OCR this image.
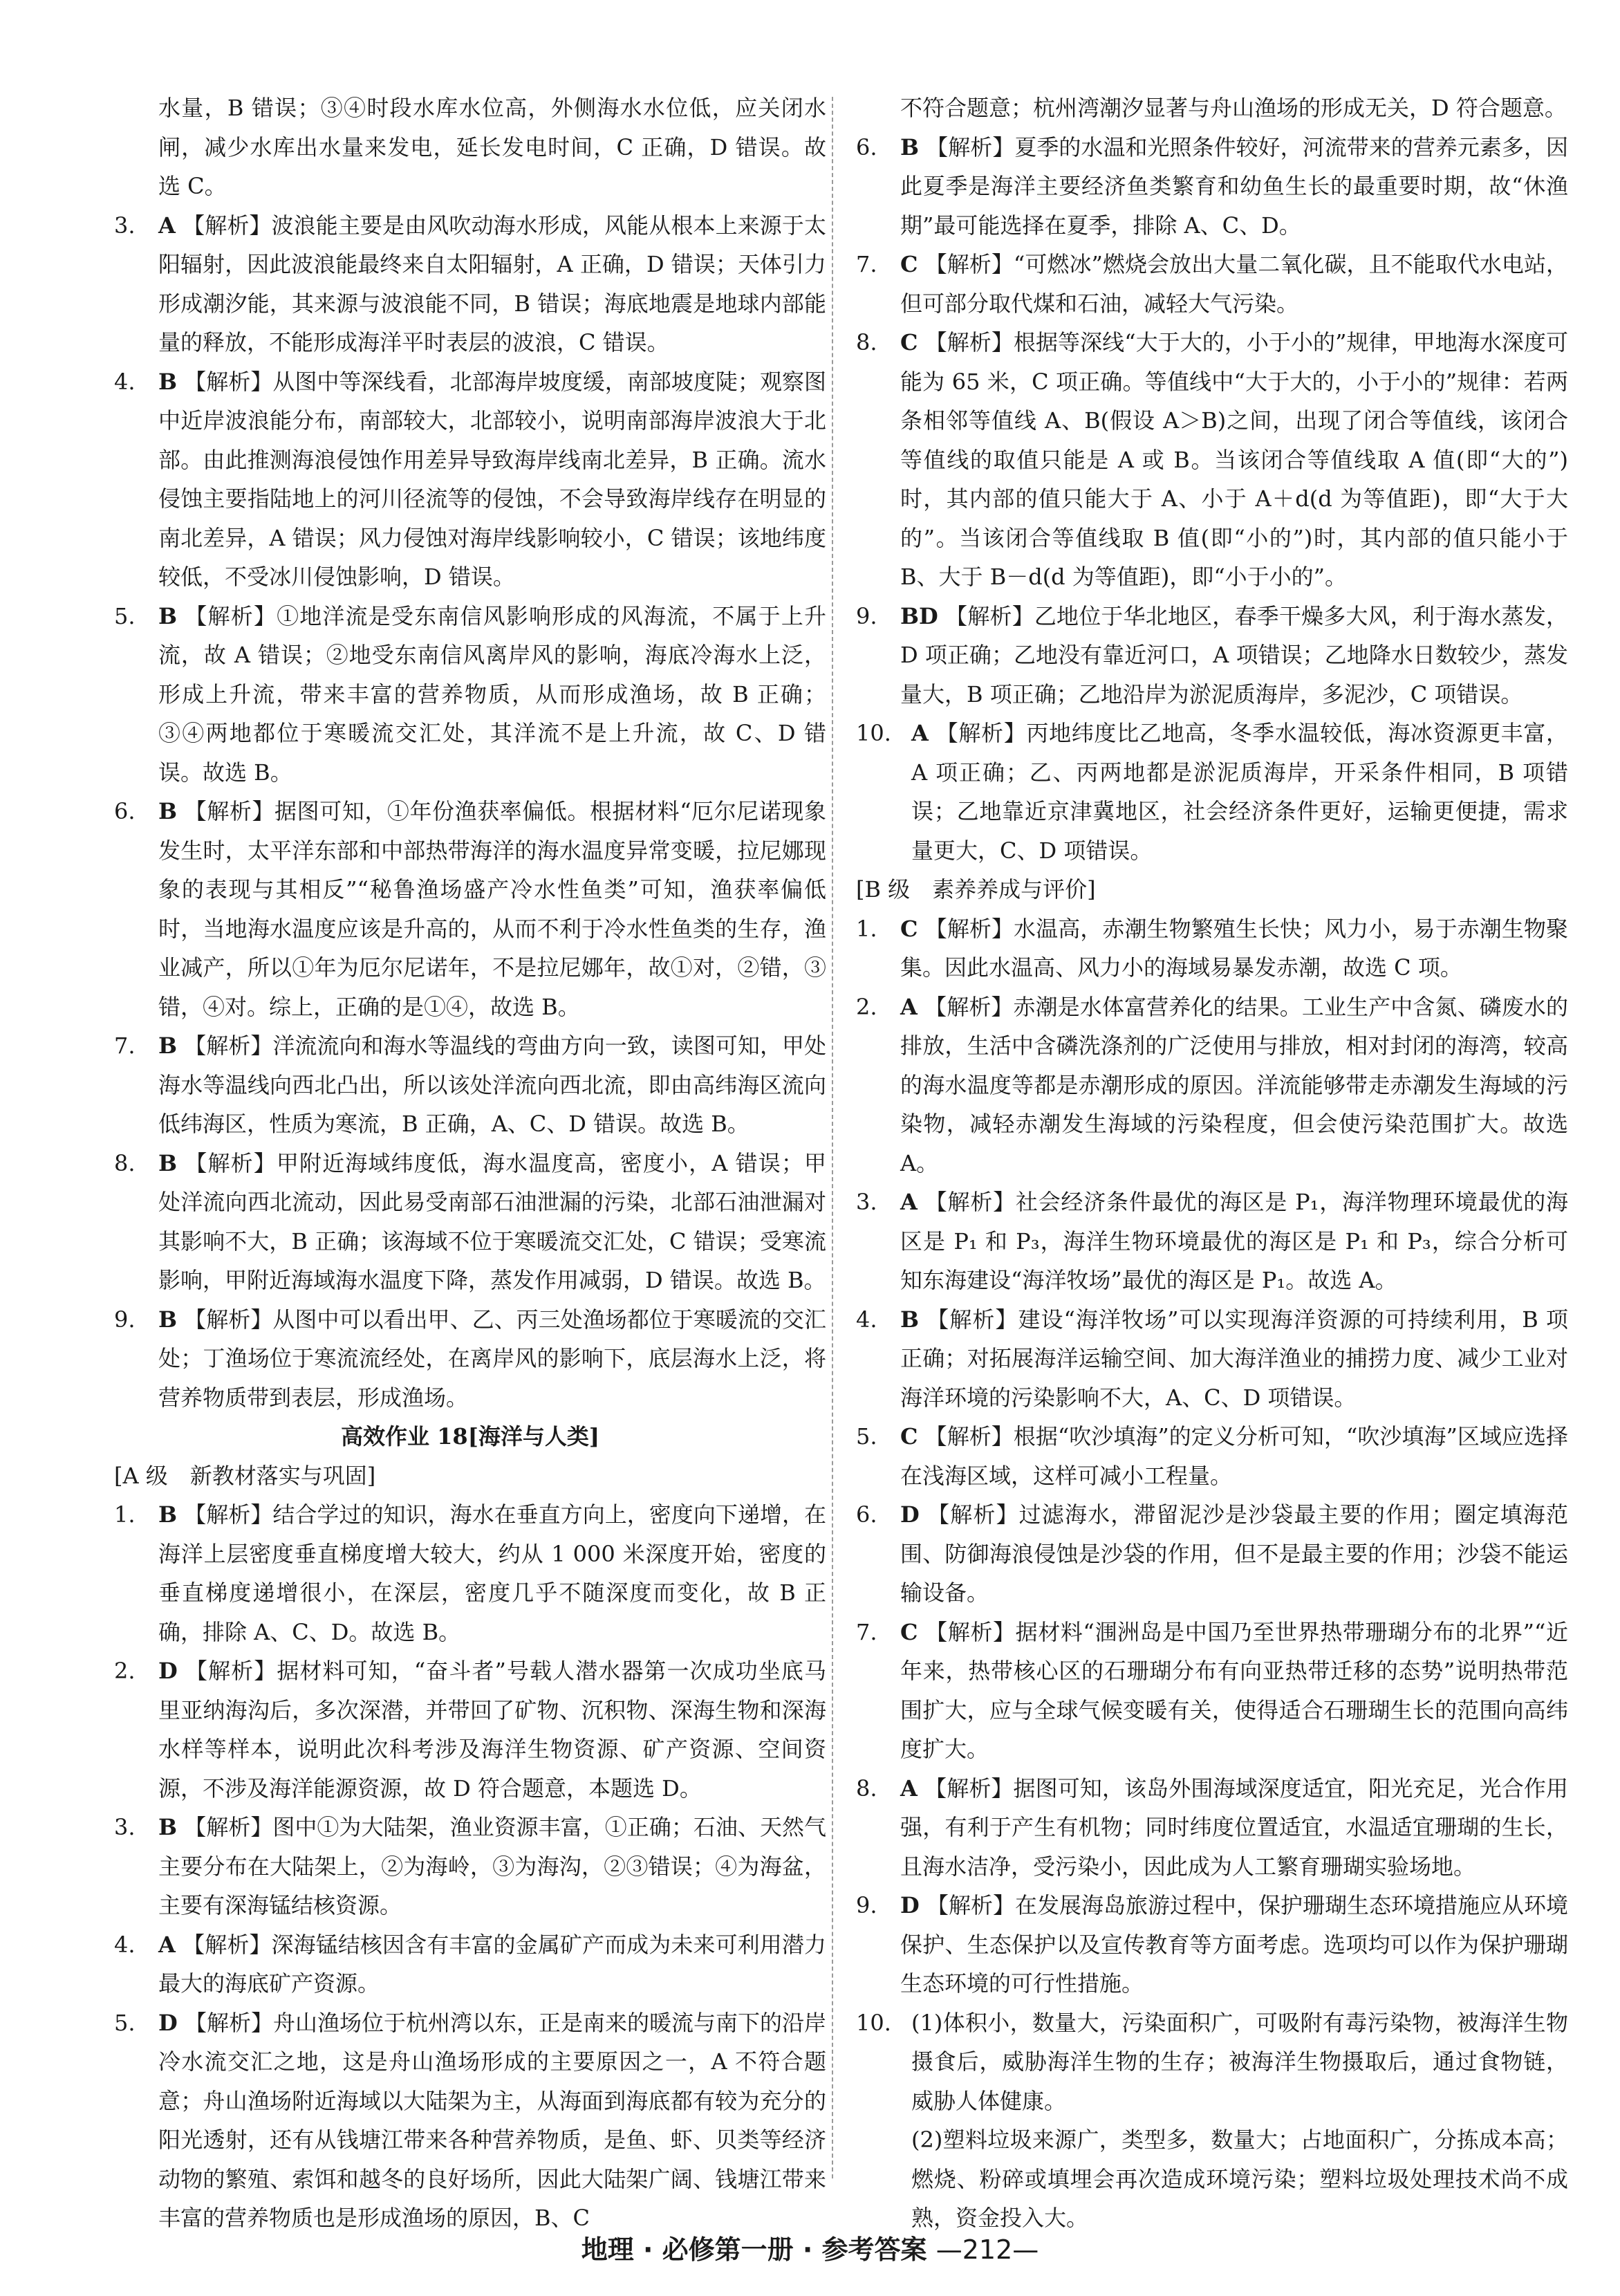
水量，B 错误；③④时段水库水位高，外侧海水水位低，应关闭水闸，减少水库出水量来发电，延长发电时间，C 正确，D 错误。故选 C。
3.	A 【解析】波浪能主要是由风吹动海水形成，风能从根本上来源于太阳辐射，因此波浪能最终来自太阳辐射，A 正确，D 错误；天体引力形成潮汐能，其来源与波浪能不同，B 错误；海底地震是地球内部能量的释放，不能形成海洋平时表层的波浪，C 错误。
4.	B 【解析】从图中等深线看，北部海岸坡度缓，南部坡度陡；观察图中近岸波浪能分布，南部较大，北部较小，说明南部海岸波浪大于北部。由此推测海浪侵蚀作用差异导致海岸线南北差异，B 正确。流水侵蚀主要指陆地上的河川径流等的侵蚀，不会导致海岸线存在明显的南北差异，A 错误；风力侵蚀对海岸线影响较小，C 错误；该地纬度较低，不受冰川侵蚀影响，D 错误。
5.	B 【解析】①地洋流是受东南信风影响形成的风海流，不属于上升流，故 A 错误；②地受东南信风离岸风的影响，海底冷海水上泛，形成上升流，带来丰富的营养物质，从而形成渔场，故 B 正确；③④两地都位于寒暖流交汇处，其洋流不是上升流，故 C、D 错误。故选 B。
6.	B 【解析】据图可知，①年份渔获率偏低。根据材料“厄尔尼诺现象发生时，太平洋东部和中部热带海洋的海水温度异常变暖，拉尼娜现象的表现与其相反”“秘鲁渔场盛产冷水性鱼类”可知，渔获率偏低时，当地海水温度应该是升高的，从而不利于冷水性鱼类的生存，渔业减产，所以①年为厄尔尼诺年，不是拉尼娜年，故①对，②错，③错，④对。综上，正确的是①④，故选 B。
7.	B 【解析】洋流流向和海水等温线的弯曲方向一致，读图可知，甲处海水等温线向西北凸出，所以该处洋流向西北流，即由高纬海区流向低纬海区，性质为寒流，B 正确，A、C、D 错误。故选 B。
8.	B 【解析】甲附近海域纬度低，海水温度高，密度小，A 错误；甲处洋流向西北流动，因此易受南部石油泄漏的污染，北部石油泄漏对其影响不大，B 正确；该海域不位于寒暖流交汇处，C 错误；受寒流影响，甲附近海域海水温度下降，蒸发作用减弱，D 错误。故选 B。
9.	B 【解析】从图中可以看出甲、乙、丙三处渔场都位于寒暖流的交汇处；丁渔场位于寒流流经处，在离岸风的影响下，底层海水上泛，将营养物质带到表层，形成渔场。
高效作业 18[海洋与人类]
[A 级　新教材落实与巩固]
1.	B 【解析】结合学过的知识，海水在垂直方向上，密度向下递增，在海洋上层密度垂直梯度增大较大，约从 1 000 米深度开始，密度的垂直梯度递增很小，在深层，密度几乎不随深度而变化，故 B 正确，排除 A、C、D。故选 B。
2.	D 【解析】据材料可知，“奋斗者”号载人潜水器第一次成功坐底马里亚纳海沟后，多次深潜，并带回了矿物、沉积物、深海生物和深海水样等样本，说明此次科考涉及海洋生物资源、矿产资源、空间资源，不涉及海洋能源资源，故 D 符合题意，本题选 D。
3.	B 【解析】图中①为大陆架，渔业资源丰富，①正确；石油、天然气主要分布在大陆架上，②为海岭，③为海沟，②③错误；④为海盆，主要有深海锰结核资源。
4.	A 【解析】深海锰结核因含有丰富的金属矿产而成为未来可利用潜力最大的海底矿产资源。
5.	D 【解析】舟山渔场位于杭州湾以东，正是南来的暖流与南下的沿岸冷水流交汇之地，这是舟山渔场形成的主要原因之一，A 不符合题意；舟山渔场附近海域以大陆架为主，从海面到海底都有较为充分的阳光透射，还有从钱塘江带来各种营养物质，是鱼、虾、贝类等经济动物的繁殖、索饵和越冬的良好场所，因此大陆架广阔、钱塘江带来丰富的营养物质也是形成渔场的原因，B、C
不符合题意；杭州湾潮汐显著与舟山渔场的形成无关，D 符合题意。
6.	B 【解析】夏季的水温和光照条件较好，河流带来的营养元素多，因此夏季是海洋主要经济鱼类繁育和幼鱼生长的最重要时期，故“休渔期”最可能选择在夏季，排除 A、C、D。
7.	C 【解析】“可燃冰”燃烧会放出大量二氧化碳，且不能取代水电站，但可部分取代煤和石油，减轻大气污染。
8.	C 【解析】根据等深线“大于大的，小于小的”规律，甲地海水深度可能为 65 米，C 项正确。等值线中“大于大的，小于小的”规律：若两条相邻等值线 A、B(假设 A＞B)之间，出现了闭合等值线，该闭合等值线的取值只能是 A 或 B。当该闭合等值线取 A 值(即“大的”)时，其内部的值只能大于 A、小于 A＋d(d 为等值距)，即“大于大的”。当该闭合等值线取 B 值(即“小的”)时，其内部的值只能小于 B、大于 B－d(d 为等值距)，即“小于小的”。
9.	BD 【解析】乙地位于华北地区，春季干燥多大风，利于海水蒸发，D 项正确；乙地没有靠近河口，A 项错误；乙地降水日数较少，蒸发量大，B 项正确；乙地沿岸为淤泥质海岸，多泥沙，C 项错误。
10. A 【解析】丙地纬度比乙地高，冬季水温较低，海冰资源更丰富，A 项正确；乙、丙两地都是淤泥质海岸，开采条件相同，B 项错误；乙地靠近京津冀地区，社会经济条件更好，运输更便捷，需求量更大，C、D 项错误。
[B 级　素养养成与评价]
1.	C 【解析】水温高，赤潮生物繁殖生长快；风力小，易于赤潮生物聚集。因此水温高、风力小的海域易暴发赤潮，故选 C 项。
2.	A 【解析】赤潮是水体富营养化的结果。工业生产中含氮、磷废水的排放，生活中含磷洗涤剂的广泛使用与排放，相对封闭的海湾，较高的海水温度等都是赤潮形成的原因。洋流能够带走赤潮发生海域的污染物，减轻赤潮发生海域的污染程度，但会使污染范围扩大。故选 A。
3.	A 【解析】社会经济条件最优的海区是 P₁，海洋物理环境最优的海区是 P₁ 和 P₃，海洋生物环境最优的海区是 P₁ 和 P₃，综合分析可知东海建设“海洋牧场”最优的海区是 P₁。故选 A。
4.	B 【解析】建设“海洋牧场”可以实现海洋资源的可持续利用，B 项正确；对拓展海洋运输空间、加大海洋渔业的捕捞力度、减少工业对海洋环境的污染影响不大，A、C、D 项错误。
5.	C 【解析】根据“吹沙填海”的定义分析可知，“吹沙填海”区域应选择在浅海区域，这样可减小工程量。
6.	D 【解析】过滤海水，滞留泥沙是沙袋最主要的作用；圈定填海范围、防御海浪侵蚀是沙袋的作用，但不是最主要的作用；沙袋不能运输设备。
7.	C 【解析】据材料“涠洲岛是中国乃至世界热带珊瑚分布的北界”“近年来，热带核心区的石珊瑚分布有向亚热带迁移的态势”说明热带范围扩大，应与全球气候变暖有关，使得适合石珊瑚生长的范围向高纬度扩大。
8.	A 【解析】据图可知，该岛外围海域深度适宜，阳光充足，光合作用强，有利于产生有机物；同时纬度位置适宜，水温适宜珊瑚的生长，且海水洁净，受污染小，因此成为人工繁育珊瑚实验场地。
9.	D 【解析】在发展海岛旅游过程中，保护珊瑚生态环境措施应从环境保护、生态保护以及宣传教育等方面考虑。选项均可以作为保护珊瑚生态环境的可行性措施。
10. (1)体积小，数量大，污染面积广，可吸附有毒污染物，被海洋生物摄食后，威胁海洋生物的生存；被海洋生物摄取后，通过食物链，威胁人体健康。
(2)塑料垃圾来源广，类型多，数量大；占地面积广，分拣成本高；燃烧、粉碎或填埋会再次造成环境污染；塑料垃圾处理技术尚不成熟，资金投入大。
地理 · 必修第一册 · 参考答案 —212—
